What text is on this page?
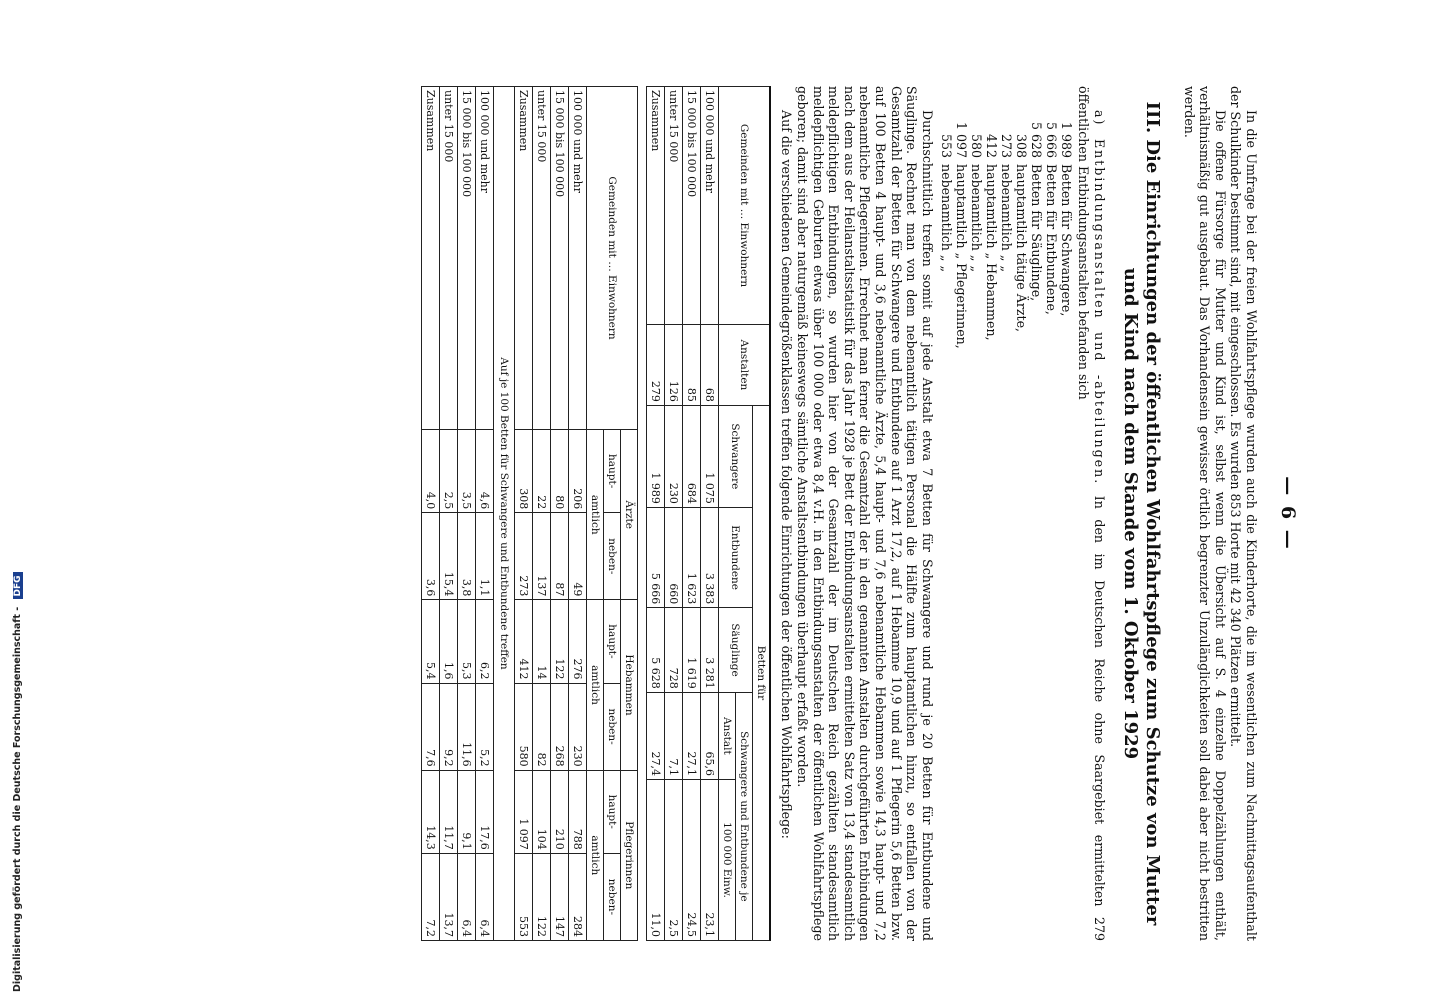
— 6 —

In die Umfrage bei der freien Wohlfahrtspflege wurden auch die Kinderhorte, die im wesentlichen zum Nachmittagsaufenthalt der Schulkinder bestimmt sind, mit eingeschlossen. Es wurden 853 Horte mit 42 340 Plätzen ermittelt.

Die offene Fürsorge für Mutter und Kind ist, selbst wenn die Übersicht auf S. 4 einzelne Doppelzählungen enthält, verhältnismäßig gut ausgebaut. Das Vorhandensein gewisser örtlich begrenzter Unzulänglichkeiten soll dabei aber nicht bestritten werden.

III. Die Einrichtungen der öffentlichen Wohlfahrtspflege zum Schutze von Mutter und Kind nach dem Stande vom 1. Oktober 1929

a) Entbindungsanstalten und -abteilungen. In den im Deutschen Reiche ohne Saargebiet ermittelten 279 öffentlichen Entbindungsanstalten befanden sich

1 989
Betten für Schwangere,
5 666
Betten für Entbundene,
5 628
Betten für Säuglinge,
308
hauptamtlich tätige Ärzte,
273
nebenamtlich „ „
412
hauptamtlich „ Hebammen,
580
nebenamtlich „ „
1 097
hauptamtlich „ Pflegerinnen,
553
nebenamtlich „ „

Durchschnittlich treffen somit auf jede Anstalt etwa 7 Betten für Schwangere und rund je 20 Betten für Entbundene und Säuglinge. Rechnet man von dem nebenamtlich tätigen Personal die Hälfte zum hauptamtlichen hinzu, so entfallen von der Gesamtzahl der Betten für Schwangere und Entbundene auf 1 Arzt 17,2, auf 1 Hebamme 10,9 und auf 1 Pflegerin 5,6 Betten bzw. auf 100 Betten 4 haupt- und 3,6 nebenamtliche Ärzte, 5,4 haupt- und 7,6 nebenamtliche Hebammen sowie 14,3 haupt- und 7,2 nebenamtliche Pflegerinnen. Errechnet man ferner die Gesamtzahl der in den genannten Anstalten durchgeführten Entbindungen nach dem aus der Heilanstaltsstatistik für das Jahr 1928 je Bett der Entbindungsanstalten ermittelten Satz von 13,4 standesamtlich meldepflichtigen Entbindungen, so wurden hier von der Gesamtzahl der im Deutschen Reich gezählten standesamtlich meldepflichtigen Geburten etwas über 100 000 oder etwa 8,4 v.H. in den Entbindungsanstalten der öffentlichen Wohlfahrtspflege geboren; damit sind aber naturgemäß keineswegs sämtliche Anstaltsentbindungen überhaupt erfaßt worden.

Auf die verschiedenen Gemeindegrößenklassen treffen folgende Einrichtungen der öffentlichen Wohlfahrtspflege:

Gemeinden mit … Einwohnern	Anstalten	Betten für				
		Schwangere	Entbundene	Säuglinge	Schwangere und Entbundene je	
					Anstalt	100 000 Einw.
100 000 und mehr	68	1 075	3 383	3 281	65,6	23,1
15 000 bis 100 000	85	684	1 623	1 619	27,1	24,5
unter 15 000	126	230	660	728	7,1	2,5
Zusammen	279	1 989	5 666	5 628	27,4	11,0
Gemeinden mit … Einwohnern	Ärzte		Hebammen		Pflegerinnen	
	haupt-	neben-	haupt-	neben-	haupt-	neben-
	amtlich		amtlich		amtlich	
100 000 und mehr	206	49	276	230	788	284
15 000 bis 100 000	80	87	122	268	210	147
unter 15 000	22	137	14	82	104	122
Zusammen	308	273	412	580	1 097	553
Auf je 100 Betten für Schwangere und Entbundene treffen						
100 000 und mehr	4,6	1,1	6,2	5,2	17,6	6,4
15 000 bis 100 000	3,5	3,8	5,3	11,6	9,1	6,4
unter 15 000	2,5	15,4	1,6	9,2	11,7	13,7
Zusammen	4,0	3,6	5,4	7,6	14,3	7,2
Digitalisierung gefördert durch die Deutsche Forschungsgemeinschaft - DFG
